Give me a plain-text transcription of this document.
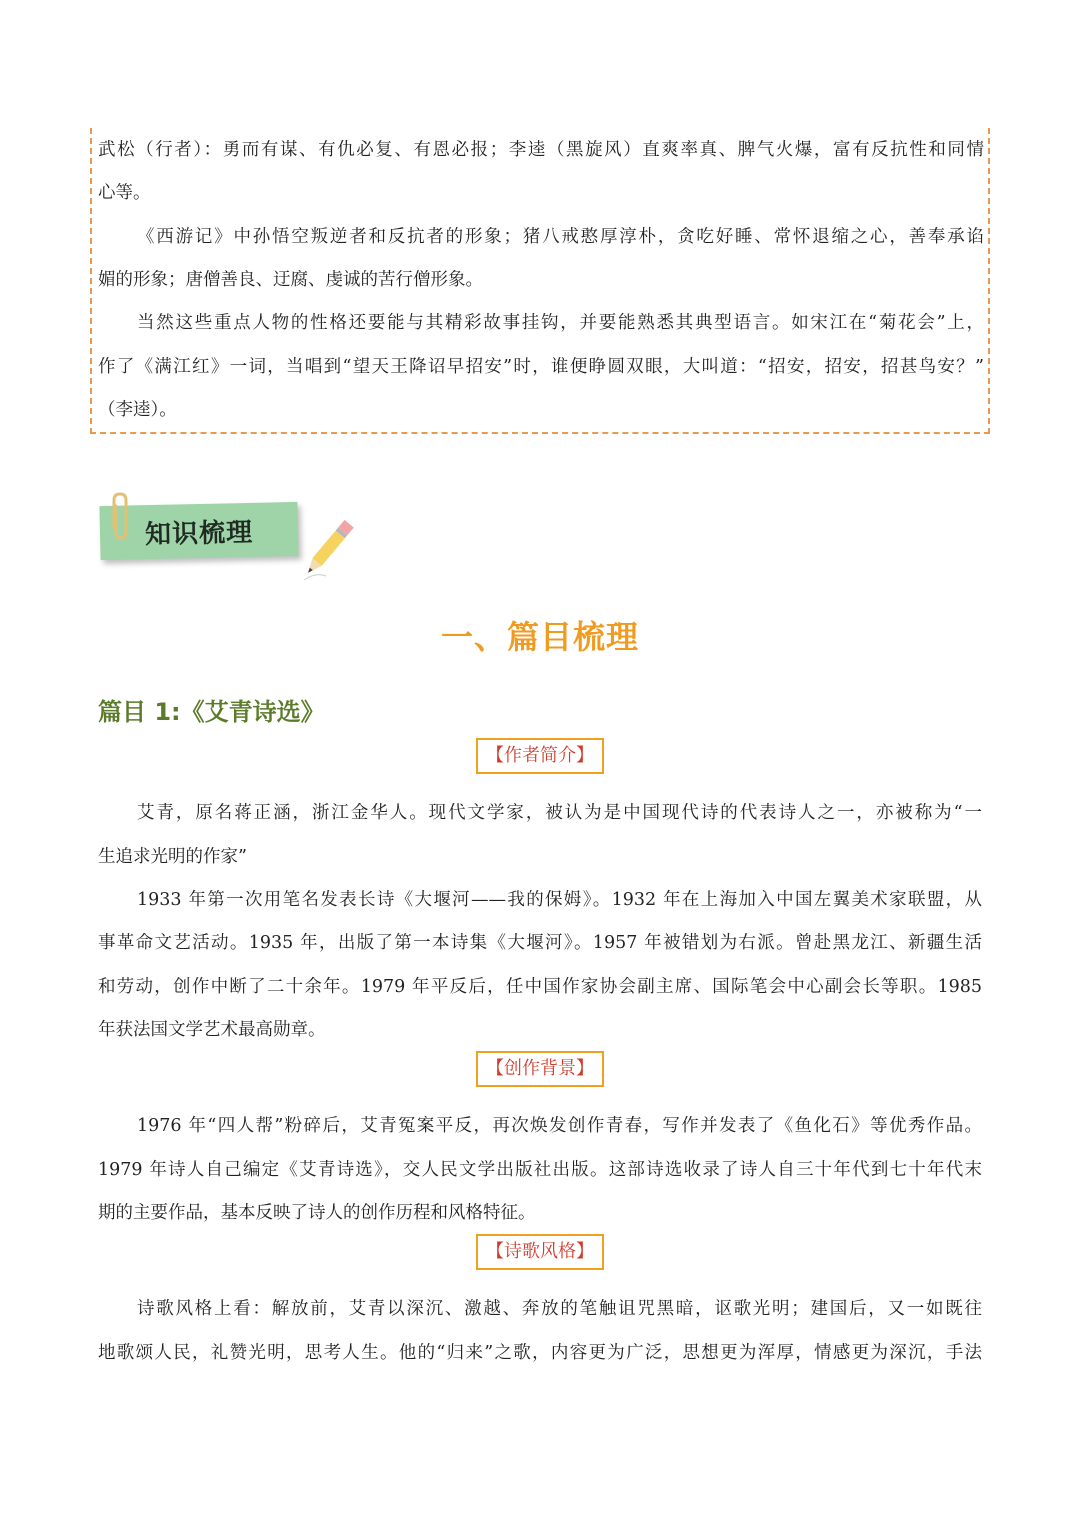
武松（行者）：勇而有谋、有仇必复、有恩必报；李逵（黑旋风）直爽率真、脾气火爆，富有反抗性和同情
心等。
《西游记》中孙悟空叛逆者和反抗者的形象；猪八戒憨厚淳朴，贪吃好睡、常怀退缩之心，善奉承谄
媚的形象；唐僧善良、迂腐、虔诚的苦行僧形象。
当然这些重点人物的性格还要能与其精彩故事挂钩，并要能熟悉其典型语言。如宋江在“菊花会”上，
作了《满江红》一词，当唱到“望天王降诏早招安”时，谁便睁圆双眼，大叫道：“招安，招安，招甚鸟安？”
（李逵）。
知识梳理
一、篇目梳理
篇目 1:《艾青诗选》
【作者简介】
艾青，原名蒋正涵，浙江金华人。现代文学家，被认为是中国现代诗的代表诗人之一，亦被称为“一
生追求光明的作家”
1933 年第一次用笔名发表长诗《大堰河——我的保姆》。1932 年在上海加入中国左翼美术家联盟，从
事革命文艺活动。1935 年，出版了第一本诗集《大堰河》。1957 年被错划为右派。曾赴黑龙江、新疆生活
和劳动，创作中断了二十余年。1979 年平反后，任中国作家协会副主席、国际笔会中心副会长等职。1985
年获法国文学艺术最高勋章。
【创作背景】
1976 年“四人帮”粉碎后，艾青冤案平反，再次焕发创作青春，写作并发表了《鱼化石》等优秀作品。
1979 年诗人自己编定《艾青诗选》，交人民文学出版社出版。这部诗选收录了诗人自三十年代到七十年代末
期的主要作品，基本反映了诗人的创作历程和风格特征。
【诗歌风格】
诗歌风格上看：解放前，艾青以深沉、激越、奔放的笔触诅咒黑暗，讴歌光明；建国后，又一如既往
地歌颂人民，礼赞光明，思考人生。他的“归来”之歌，内容更为广泛，思想更为浑厚，情感更为深沉，手法
